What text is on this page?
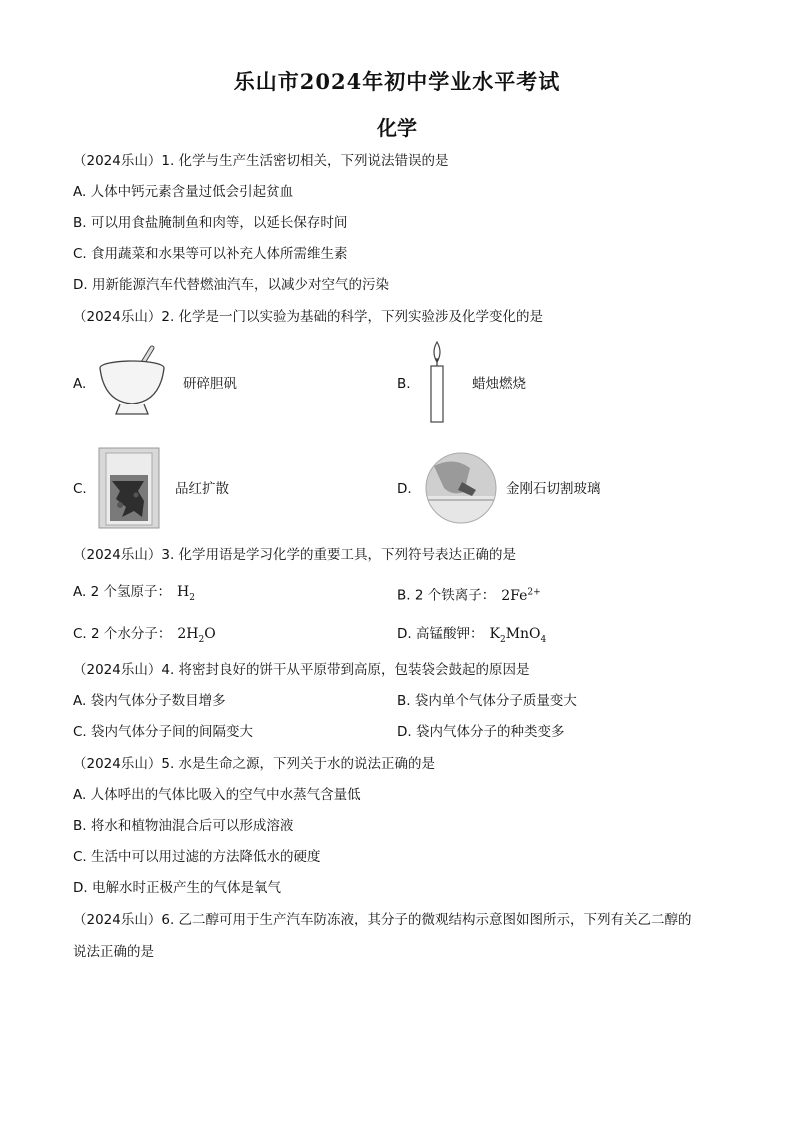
乐山市2024年初中学业水平考试
化学
（2024乐山）1. 化学与生产生活密切相关，下列说法错误的是
A. 人体中钙元素含量过低会引起贫血
B. 可以用食盐腌制鱼和肉等，以延长保存时间
C. 食用蔬菜和水果等可以补充人体所需维生素
D. 用新能源汽车代替燃油汽车，以减少对空气的污染
（2024乐山）2. 化学是一门以实验为基础的科学，下列实验涉及化学变化的是
A.	研碎胆矾	B.	蜡烛燃烧
C.	品红扩散	D.	金刚石切割玻璃
（2024乐山）3. 化学用语是学习化学的重要工具，下列符号表达正确的是
A. 2 个氢原子： $H_2$	B. 2 个铁离子： $2Fe^{2+}$
C. 2 个水分子： $2H_2O$	D. 高锰酸钾： $K_2MnO_4$
（2024乐山）4. 将密封良好的饼干从平原带到高原，包装袋会鼓起的原因是
A. 袋内气体分子数目增多	B. 袋内单个气体分子质量变大
C. 袋内气体分子间的间隔变大	D. 袋内气体分子的种类变多
（2024乐山）5. 水是生命之源，下列关于水的说法正确的是
A. 人体呼出的气体比吸入的空气中水蒸气含量低
B. 将水和植物油混合后可以形成溶液
C. 生活中可以用过滤的方法降低水的硬度
D. 电解水时正极产生的气体是氧气
（2024乐山）6. 乙二醇可用于生产汽车防冻液，其分子的微观结构示意图如图所示，下列有关乙二醇的
说法正确的是
